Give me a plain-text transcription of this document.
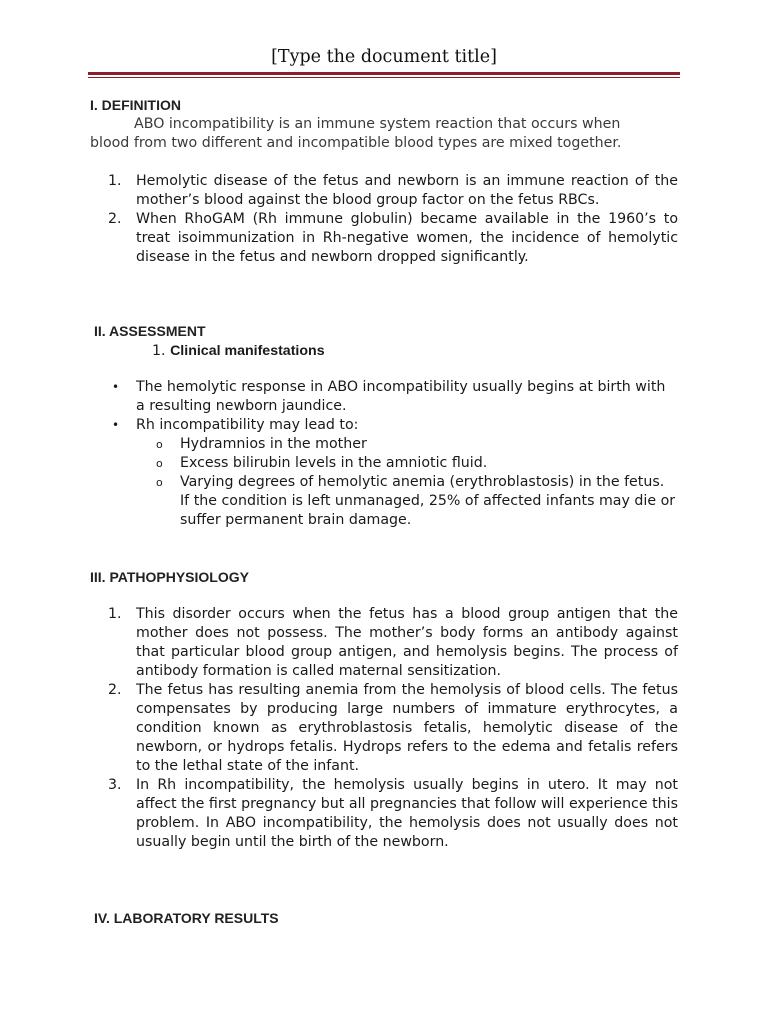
[Type the document title]
I. DEFINITION
ABO incompatibility is an immune system reaction that occurs when
blood from two different and incompatible blood types are mixed together.
1.	Hemolytic disease of the fetus and newborn is an immune reaction of the mother’s blood against the blood group factor on the fetus RBCs.
2.	When RhoGAM (Rh immune globulin) became available in the 1960’s to treat isoimmunization in Rh-negative women, the incidence of hemolytic disease in the fetus and newborn dropped significantly.
II. ASSESSMENT
1. Clinical manifestations
•	The hemolytic response in ABO incompatibility usually begins at birth with a resulting newborn jaundice.
•	Rh incompatibility may lead to:
o	Hydramnios in the mother
o	Excess bilirubin levels in the amniotic fluid.
o	Varying degrees of hemolytic anemia (erythroblastosis) in the fetus. If the condition is left unmanaged, 25% of affected infants may die or suffer permanent brain damage.
III. PATHOPHYSIOLOGY
1.	This disorder occurs when the fetus has a blood group antigen that the mother does not possess. The mother’s body forms an antibody against that particular blood group antigen, and hemolysis begins. The process of antibody formation is called maternal sensitization.
2.	The fetus has resulting anemia from the hemolysis of blood cells. The fetus compensates by producing large numbers of immature erythrocytes, a condition known as erythroblastosis fetalis, hemolytic disease of the newborn, or hydrops fetalis. Hydrops refers to the edema and fetalis refers to the lethal state of the infant.
3.	In Rh incompatibility, the hemolysis usually begins in utero. It may not affect the first pregnancy but all pregnancies that follow will experience this problem. In ABO incompatibility, the hemolysis does not usually does not usually begin until the birth of the newborn.
IV. LABORATORY RESULTS
